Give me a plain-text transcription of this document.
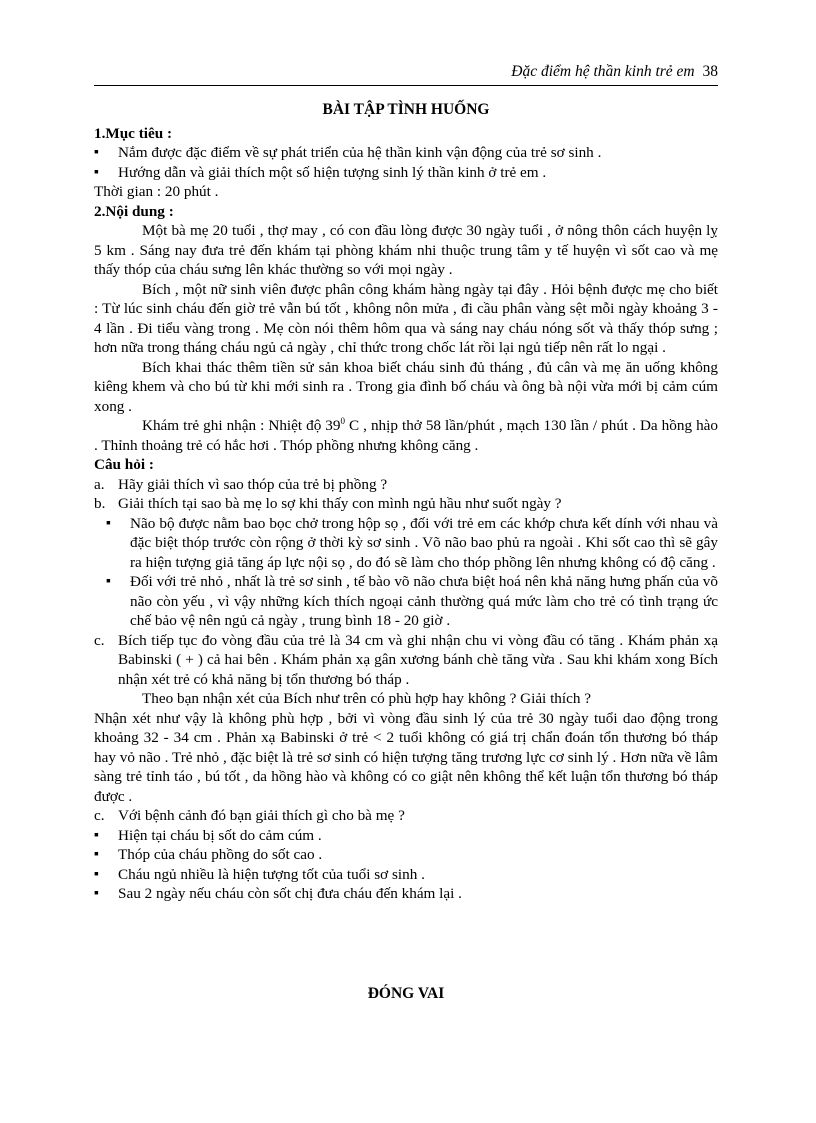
Đặc điểm hệ thần kinh trẻ em 38
BÀI TẬP TÌNH HUỐNG
1.Mục tiêu :
▪ Nắm được đặc điểm về sự phát triển của hệ thần kinh vận động của trẻ sơ sinh .
▪ Hướng dẫn và giải thích một số hiện tượng sinh lý thần kinh ở trẻ em .

Thời gian : 20 phút .

2.Nội dung :

Một bà mẹ 20 tuổi , thợ may , có con đầu lòng được 30 ngày tuổi , ở nông thôn cách huyện lỵ 5 km . Sáng nay đưa trẻ đến khám tại phòng khám nhi thuộc trung tâm y tế huyện vì sốt cao và mẹ thấy thóp của cháu sưng lên khác thường so với mọi ngày .

Bích , một nữ sinh viên được phân công khám hàng ngày tại đây . Hỏi bệnh được mẹ cho biết : Từ lúc sinh cháu đến giờ trẻ vẫn bú tốt , không nôn mửa , đi cầu phân vàng sệt mỗi ngày khoảng 3 - 4 lần . Đi tiểu vàng trong . Mẹ còn nói thêm hôm qua và sáng nay cháu nóng sốt và thấy thóp sưng ; hơn nữa trong tháng cháu ngủ cả ngày , chỉ thức trong chốc lát rồi lại ngủ tiếp nên rất lo ngại .

Bích khai thác thêm tiền sử sản khoa biết cháu sinh đủ tháng , đủ cân và mẹ ăn uống không kiêng khem và cho bú từ khi mới sinh ra . Trong gia đình bố cháu và ông bà nội vừa mới bị cảm cúm xong .

Khám trẻ ghi nhận : Nhiệt độ $39^0$ C , nhịp thở 58 lần/phút , mạch 130 lần / phút . Da hồng hào . Thỉnh thoảng trẻ có hắc hơi . Thóp phồng nhưng không căng .

Câu hỏi :
a. Hãy giải thích vì sao thóp của trẻ bị phồng ?
b. Giải thích tại sao bà mẹ lo sợ khi thấy con mình ngủ hầu như suốt ngày ?
▪ Não bộ được nằm bao bọc chở trong hộp sọ , đối với trẻ em các khớp chưa kết dính với nhau và đặc biệt thóp trước còn rộng ở thời kỳ sơ sinh . Võ não bao phủ ra ngoài . Khi sốt cao thì sẽ gây ra hiện tượng giả tăng áp lực nội sọ , do đó sẽ làm cho thóp phồng lên nhưng không có độ căng .
▪ Đối với trẻ nhỏ , nhất là trẻ sơ sinh , tế bào võ não chưa biệt hoá nên khả năng hưng phấn của võ não còn yếu , vì vậy những kích thích ngoại cảnh thường quá mức làm cho trẻ có tình trạng ức chế bảo vệ nên ngủ cả ngày , trung bình 18 - 20 giờ .
c. Bích tiếp tục đo vòng đầu của trẻ là 34 cm và ghi nhận chu vi vòng đầu có tăng . Khám phản xạ Babinski ( + ) cả hai bên . Khám phản xạ gân xương bánh chè tăng vừa . Sau khi khám xong Bích nhận xét trẻ có khả năng bị tổn thương bó tháp .

Theo bạn nhận xét của Bích như trên có phù hợp hay không ? Giải thích ?

Nhận xét như vậy là không phù hợp , bởi vì vòng đầu sinh lý của trẻ 30 ngày tuổi dao động trong khoảng 32 - 34 cm . Phản xạ Babinski ở trẻ < 2 tuổi không có giá trị chẩn đoán tổn thương bó tháp hay vỏ não . Trẻ nhỏ , đặc biệt là trẻ sơ sinh có hiện tượng tăng trương lực cơ sinh lý . Hơn nữa về lâm sàng trẻ tỉnh táo , bú tốt , da hồng hào và không có co giật nên không thể kết luận tổn thương bó tháp được .

c. Với bệnh cảnh đó bạn giải thích gì cho bà mẹ ?
▪ Hiện tại cháu bị sốt do cảm cúm .
▪ Thóp của cháu phồng do sốt cao .
▪ Cháu ngủ nhiều là hiện tượng tốt của tuổi sơ sinh .
▪ Sau 2 ngày nếu cháu còn sốt chị đưa cháu đến khám lại .
ĐÓNG VAI
